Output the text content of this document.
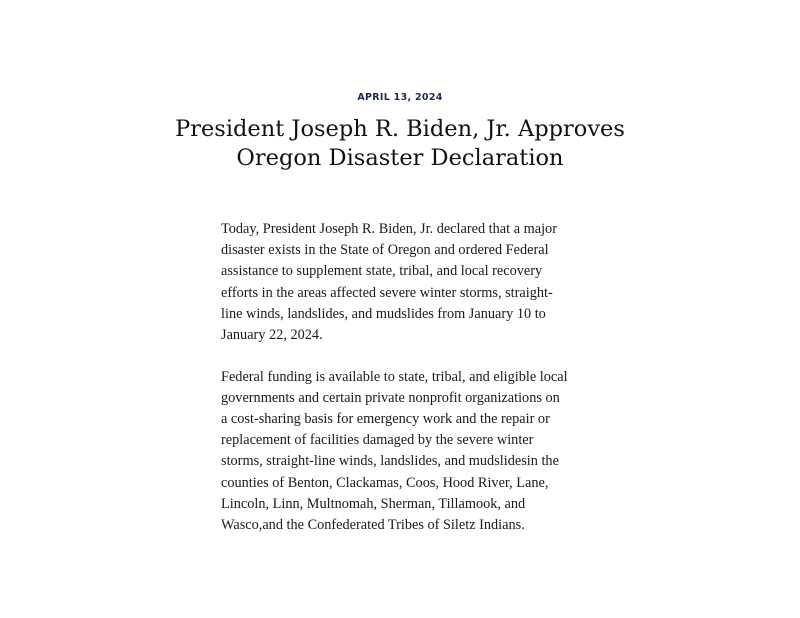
APRIL 13, 2024
President Joseph R. Biden, Jr. Approves
Oregon Disaster Declaration

Today, President Joseph R. Biden, Jr. declared that a major
disaster exists in the State of Oregon and ordered Federal
assistance to supplement state, tribal, and local recovery
efforts in the areas affected severe winter storms, straight-
line winds, landslides, and mudslides from January 10 to
January 22, 2024.

Federal funding is available to state, tribal, and eligible local
governments and certain private nonprofit organizations on
a cost-sharing basis for emergency work and the repair or
replacement of facilities damaged by the severe winter
storms, straight-line winds, landslides, and mudslidesin the
counties of Benton, Clackamas, Coos, Hood River, Lane,
Lincoln, Linn, Multnomah, Sherman, Tillamook, and
Wasco,and the Confederated Tribes of Siletz Indians.
